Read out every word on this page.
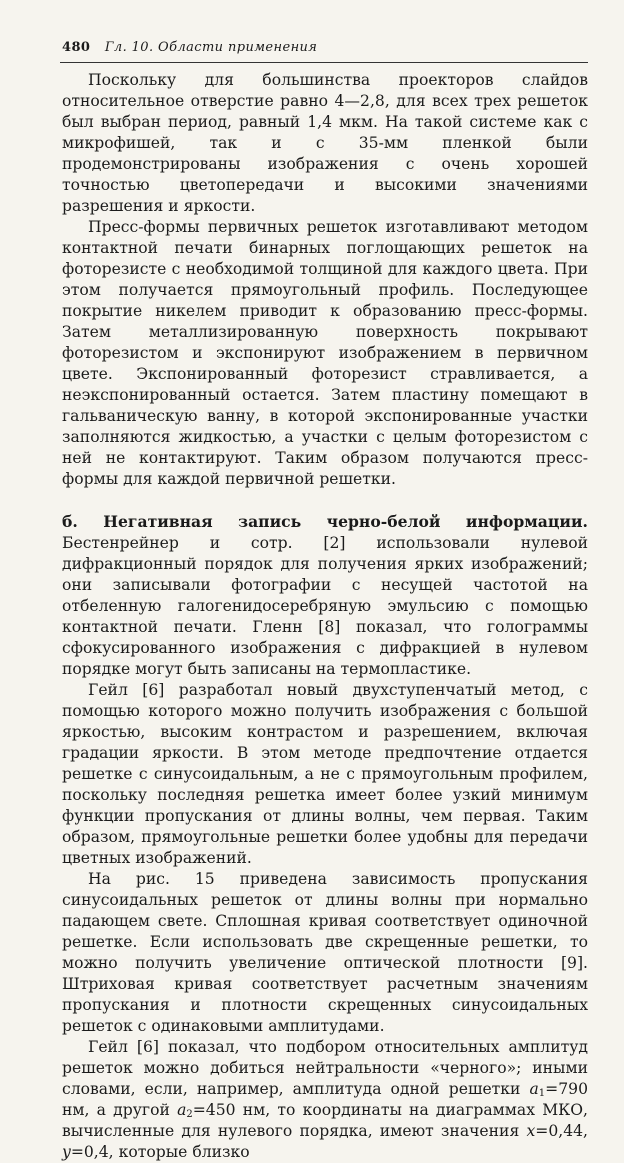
480 Гл. 10. Области применения

Поскольку для большинства проекторов слайдов относительное отверстие равно 4—2,8, для всех трех решеток был выбран период, равный 1,4 мкм. На такой системе как с микрофишей, так и с 35-мм пленкой были продемонстрированы изображения с очень хорошей точностью цветопередачи и высокими значениями разрешения и яркости.

Пресс-формы первичных решеток изготавливают методом контактной печати бинарных поглощающих решеток на фоторезисте с необходимой толщиной для каждого цвета. При этом получается прямоугольный профиль. Последующее покрытие никелем приводит к образованию пресс-формы. Затем металлизированную поверхность покрывают фоторезистом и экспонируют изображением в первичном цвете. Экспонированный фоторезист стравливается, а неэкспонированный остается. Затем пластину помещают в гальваническую ванну, в которой экспонированные участки заполняются жидкостью, а участки с целым фоторезистом с ней не контактируют. Таким образом получаются пресс-формы для каждой первичной решетки.

б. Негативная запись черно-белой информации. Бестенрейнер и сотр. [2] использовали нулевой дифракционный порядок для получения ярких изображений; они записывали фотографии с несущей частотой на отбеленную галогенидосеребряную эмульсию с помощью контактной печати. Гленн [8] показал, что голограммы сфокусированного изображения с дифракцией в нулевом порядке могут быть записаны на термопластике.

Гейл [6] разработал новый двухступенчатый метод, с помощью которого можно получить изображения с большой яркостью, высоким контрастом и разрешением, включая градации яркости. В этом методе предпочтение отдается решетке с синусоидальным, а не с прямоугольным профилем, поскольку последняя решетка имеет более узкий минимум функции пропускания от длины волны, чем первая. Таким образом, прямоугольные решетки более удобны для передачи цветных изображений.

На рис. 15 приведена зависимость пропускания синусоидальных решеток от длины волны при нормально падающем свете. Сплошная кривая соответствует одиночной решетке. Если использовать две скрещенные решетки, то можно получить увеличение оптической плотности [9]. Штриховая кривая соответствует расчетным значениям пропускания и плотности скрещенных синусоидальных решеток с одинаковыми амплитудами.

Гейл [6] показал, что подбором относительных амплитуд решеток можно добиться нейтральности «черного»; иными словами, если, например, амплитуда одной решетки $a_1=790$ нм, а другой $a_2=450$ нм, то координаты на диаграммах МКО, вычисленные для нулевого порядка, имеют значения x=0,44, y=0,4, которые близко
